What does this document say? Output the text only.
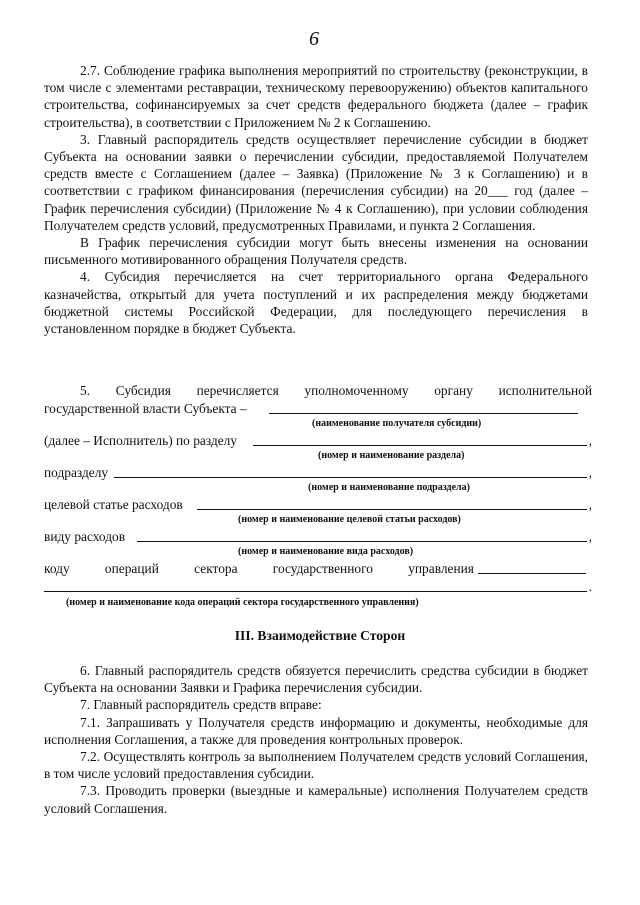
6

2.7. Соблюдение графика выполнения мероприятий по строительству (реконструкции, в том числе с элементами реставрации, техническому перевооружению) объектов капитального строительства, софинансируемых за счет средств федерального бюджета (далее – график строительства), в соответствии с Приложением № 2 к Соглашению.

3. Главный распорядитель средств осуществляет перечисление субсидии в бюджет Субъекта на основании заявки о перечислении субсидии, предоставляемой Получателем средств вместе с Соглашением (далее – Заявка) (Приложение № 3 к Соглашению) и в соответствии с графиком финансирования (перечисления субсидии) на 20___ год (далее – График перечисления субсидии) (Приложение № 4 к Соглашению), при условии соблюдения Получателем средств условий, предусмотренных Правилами, и пункта 2 Соглашения.

В График перечисления субсидии могут быть внесены изменения на основании письменного мотивированного обращения Получателя средств.

4. Субсидия перечисляется на счет территориального органа Федерального казначейства, открытый для учета поступлений и их распределения между бюджетами бюджетной системы Российской Федерации, для последующего перечисления в установленном порядке в бюджет Субъекта.

5. Субсидия перечисляется уполномоченному органу исполнительной

государственной власти Субъекта –
(наименование получателя субсидии)
(далее – Исполнитель) по разделу	,
(номер и наименование раздела)
подразделу	,
(номер и наименование подраздела)
целевой статье расходов	,
(номер и наименование целевой статьи расходов)
виду расходов	,
(номер и наименование вида расходов)
коду	операций	сектора	государственного	управления
.
(номер и наименование кода операций сектора государственного управления)
III. Взаимодействие Сторон

6. Главный распорядитель средств обязуется перечислить средства субсидии в бюджет Субъекта на основании Заявки и Графика перечисления субсидии.

7. Главный распорядитель средств вправе:

7.1. Запрашивать у Получателя средств информацию и документы, необходимые для исполнения Соглашения, а также для проведения контрольных проверок.

7.2. Осуществлять контроль за выполнением Получателем средств условий Соглашения, в том числе условий предоставления субсидии.

7.3. Проводить проверки (выездные и камеральные) исполнения Получателем средств условий Соглашения.
